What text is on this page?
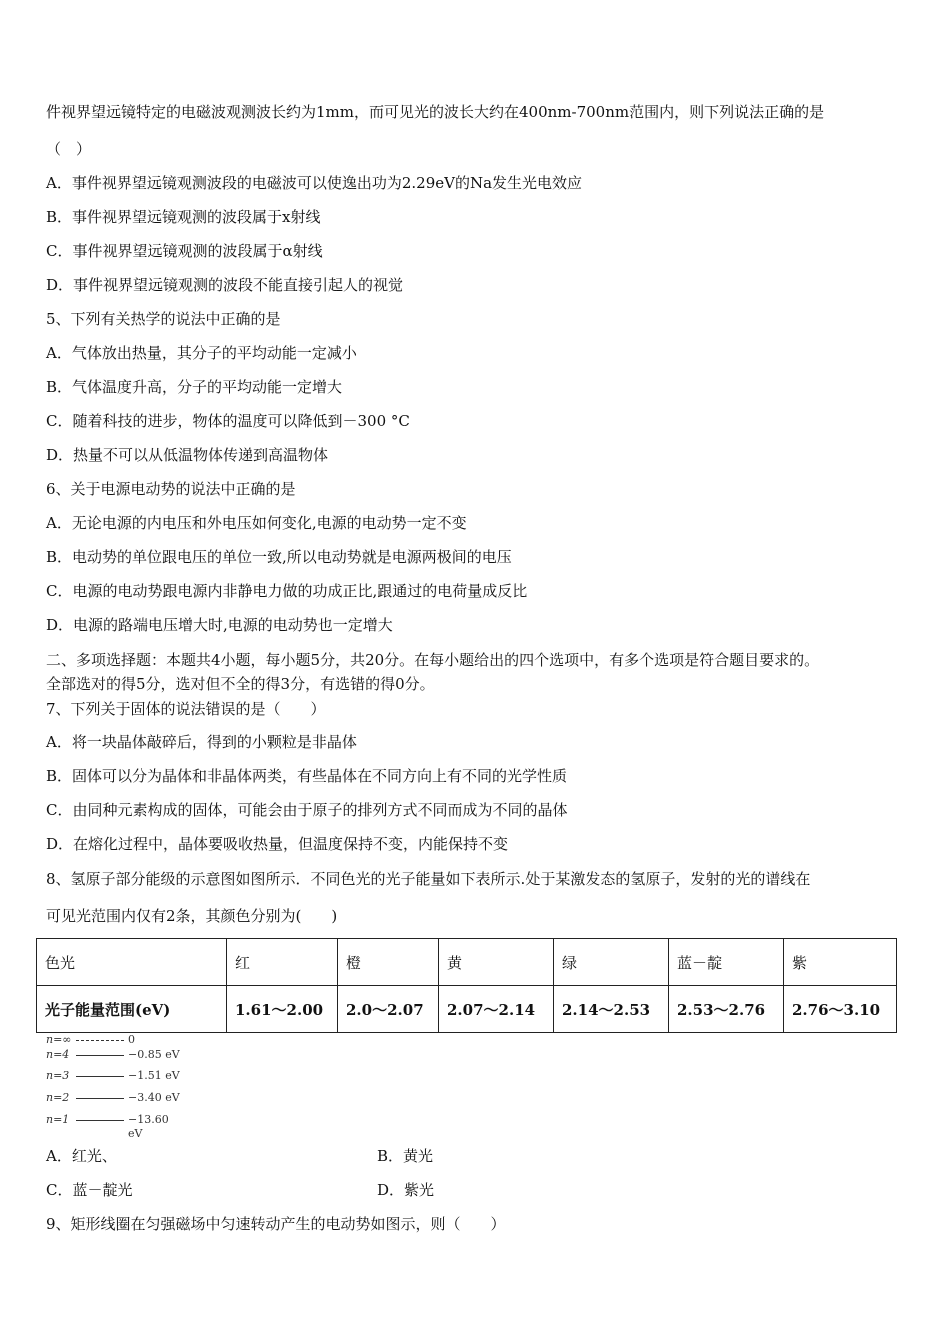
件视界望远镜特定的电磁波观测波长约为1mm，而可见光的波长大约在400nm-700nm范围内，则下列说法正确的是
（　）
A．事件视界望远镜观测波段的电磁波可以使逸出功为2.29eV的Na发生光电效应
B．事件视界望远镜观测的波段属于x射线
C．事件视界望远镜观测的波段属于α射线
D．事件视界望远镜观测的波段不能直接引起人的视觉
5、下列有关热学的说法中正确的是
A．气体放出热量，其分子的平均动能一定减小
B．气体温度升高，分子的平均动能一定增大
C．随着科技的进步，物体的温度可以降低到－300 °C
D．热量不可以从低温物体传递到高温物体
6、关于电源电动势的说法中正确的是
A．无论电源的内电压和外电压如何变化,电源的电动势一定不变
B．电动势的单位跟电压的单位一致,所以电动势就是电源两极间的电压
C．电源的电动势跟电源内非静电力做的功成正比,跟通过的电荷量成反比
D．电源的路端电压增大时,电源的电动势也一定增大
二、多项选择题：本题共4小题，每小题5分，共20分。在每小题给出的四个选项中，有多个选项是符合题目要求的。
全部选对的得5分，选对但不全的得3分，有选错的得0分。
7、下列关于固体的说法错误的是（　　）
A．将一块晶体敲碎后，得到的小颗粒是非晶体
B．固体可以分为晶体和非晶体两类，有些晶体在不同方向上有不同的光学性质
C．由同种元素构成的固体，可能会由于原子的排列方式不同而成为不同的晶体
D．在熔化过程中，晶体要吸收热量，但温度保持不变，内能保持不变
8、氢原子部分能级的示意图如图所示．不同色光的光子能量如下表所示.处于某激发态的氢原子，发射的光的谱线在
可见光范围内仅有2条，其颜色分别为(　　)
色光	红	橙	黄	绿	蓝－靛	紫
光子能量范围(eV)	1.61～2.00	2.0～2.07	2.07～2.14	2.14～2.53	2.53～2.76	2.76～3.10
n=∞	0
n=4	−0.85 eV
n=3	−1.51 eV
n=2	−3.40 eV
n=1	−13.60 eV
A．红光、	B．黄光
C．蓝－靛光	D．紫光
9、矩形线圈在匀强磁场中匀速转动产生的电动势如图示，则（　　）
